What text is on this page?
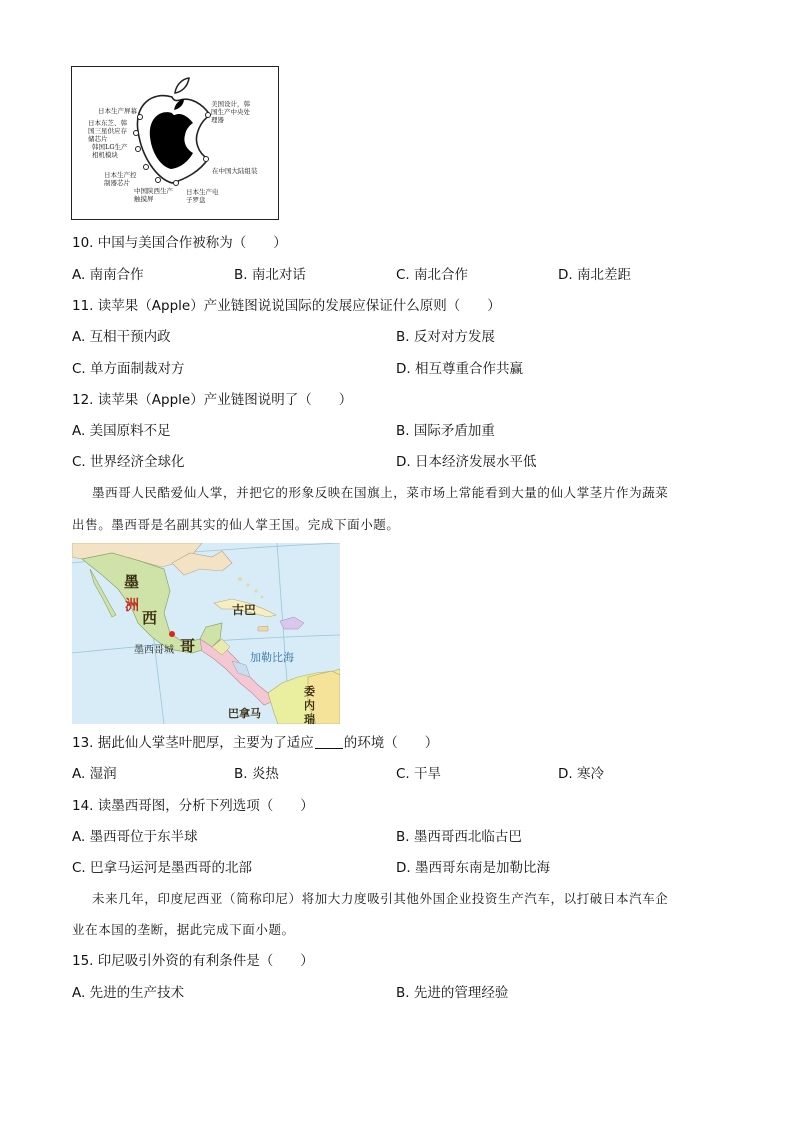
日本生产屏幕
美国设计，韩国生产中央处理器
日本东芝、韩国三星供应存储芯片
韩国LG生产相机模块
在中国大陆组装
日本生产控制器芯片
中国陕西生产触摸屏
日本生产电子罗盘
10. 中国与美国合作被称为（　　）
A. 南南合作	B. 南北对话	C. 南北合作	D. 南北差距
11. 读苹果（Apple）产业链图说说国际的发展应保证什么原则（　　）
A. 互相干预内政	B. 反对对方发展
C. 单方面制裁对方	D. 相互尊重合作共赢
12. 读苹果（Apple）产业链图说明了（　　）
A. 美国原料不足	B. 国际矛盾加重
C. 世界经济全球化	D. 日本经济发展水平低
墨西哥人民酷爱仙人掌，并把它的形象反映在国旗上，菜市场上常能看到大量的仙人掌茎片作为蔬菜
出售。墨西哥是名副其实的仙人掌王国。完成下面小题。
墨
洲
西
哥
墨西哥城
古巴
加勒比海
巴拿马
委
内
瑞
13. 据此仙人掌茎叶肥厚，主要为了适应 的环境（　　）
A. 湿润	B. 炎热	C. 干旱	D. 寒冷
14. 读墨西哥图，分析下列选项（　　）
A. 墨西哥位于东半球	B. 墨西哥西北临古巴
C. 巴拿马运河是墨西哥的北部	D. 墨西哥东南是加勒比海
未来几年，印度尼西亚（简称印尼）将加大力度吸引其他外国企业投资生产汽车，以打破日本汽车企
业在本国的垄断，据此完成下面小题。
15. 印尼吸引外资的有利条件是（　　）
A. 先进的生产技术	B. 先进的管理经验
